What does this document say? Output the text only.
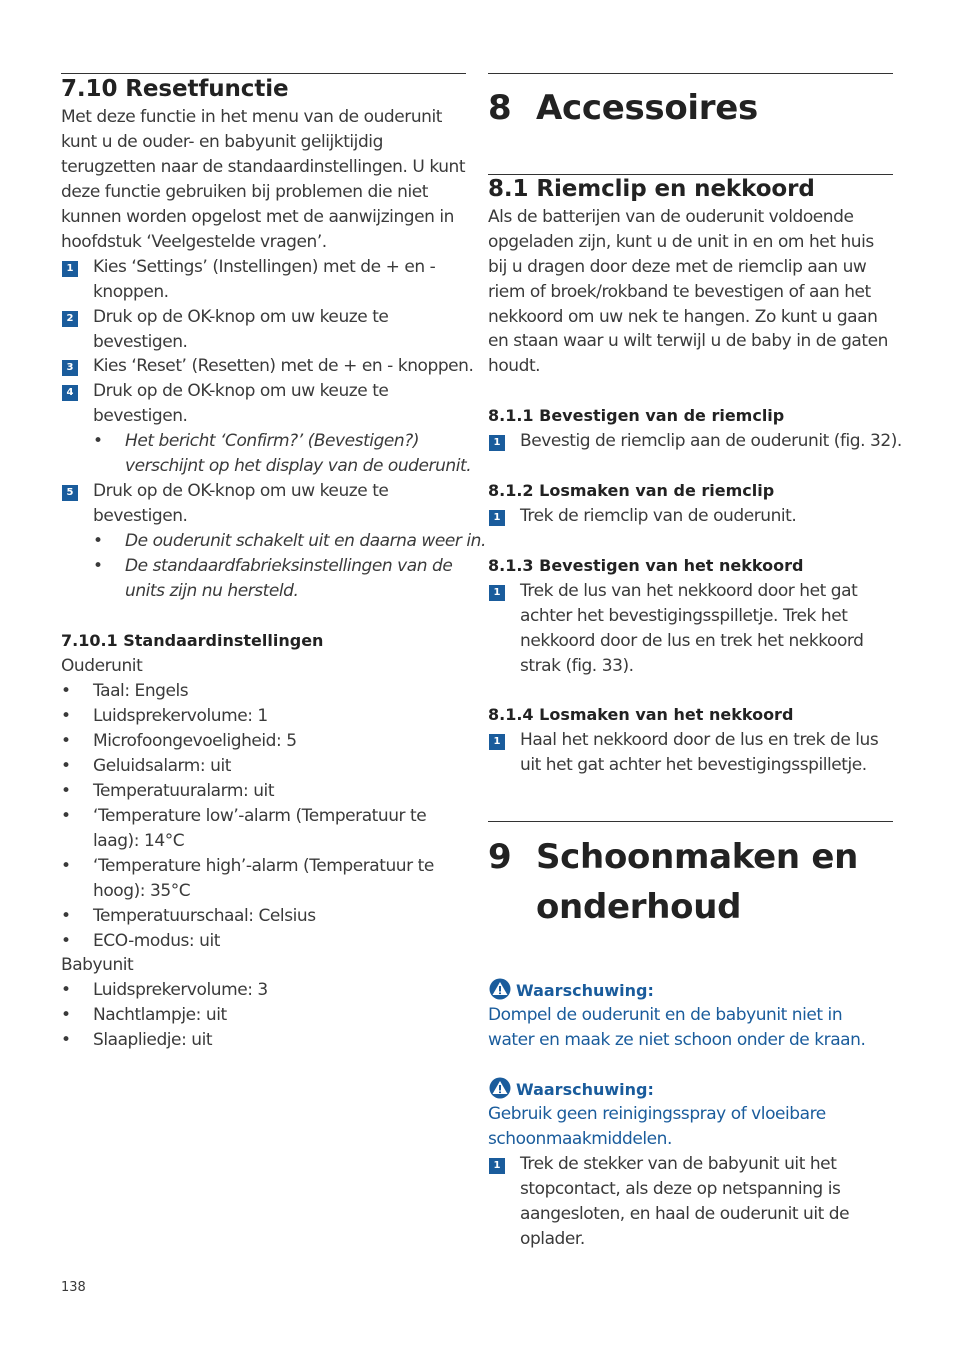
7.10 Resetfunctie
Met deze functie in het menu van de ouderunit
kunt u de ouder- en babyunit gelijktijdig
terugzetten naar de standaardinstellingen. U kunt
deze functie gebruiken bij problemen die niet
kunnen worden opgelost met de aanwijzingen in
hoofdstuk ‘Veelgestelde vragen’.
1 Kies ‘Settings’ (Instellingen) met de + en -
knoppen.
2 Druk op de OK-knop om uw keuze te
bevestigen.
3 Kies ‘Reset’ (Resetten) met de + en - knoppen.
4 Druk op de OK-knop om uw keuze te
bevestigen.
• Het bericht ‘Confirm?’ (Bevestigen?)
verschijnt op het display van de ouderunit.
5 Druk op de OK-knop om uw keuze te
bevestigen.
• De ouderunit schakelt uit en daarna weer in.
• De standaardfabrieksinstellingen van de
units zijn nu hersteld.
7.10.1 Standaardinstellingen
Ouderunit
• Taal: Engels
• Luidsprekervolume: 1
• Microfoongevoeligheid: 5
• Geluidsalarm: uit
• Temperatuuralarm: uit
• ‘Temperature low’-alarm (Temperatuur te
laag): 14°C
• ‘Temperature high’-alarm (Temperatuur te
hoog): 35°C
• Temperatuurschaal: Celsius
• ECO-modus: uit
Babyunit
• Luidsprekervolume: 3
• Nachtlampje: uit
• Slaapliedje: uit
8 Accessoires
8.1 Riemclip en nekkoord
Als de batterijen van de ouderunit voldoende
opgeladen zijn, kunt u de unit in en om het huis
bij u dragen door deze met de riemclip aan uw
riem of broek/rokband te bevestigen of aan het
nekkoord om uw nek te hangen. Zo kunt u gaan
en staan waar u wilt terwijl u de baby in de gaten
houdt.
8.1.1 Bevestigen van de riemclip
1 Bevestig de riemclip aan de ouderunit (fig. 32).
8.1.2 Losmaken van de riemclip
1 Trek de riemclip van de ouderunit.
8.1.3 Bevestigen van het nekkoord
1 Trek de lus van het nekkoord door het gat
achter het bevestigingsspilletje. Trek het
nekkoord door de lus en trek het nekkoord
strak (fig. 33).
8.1.4 Losmaken van het nekkoord
1 Haal het nekkoord door de lus en trek de lus
uit het gat achter het bevestigingsspilletje.
9 Schoonmaken en
onderhoud
Waarschuwing:
Dompel de ouderunit en de babyunit niet in
water en maak ze niet schoon onder de kraan.
Waarschuwing:
Gebruik geen reinigingsspray of vloeibare
schoonmaakmiddelen.
1 Trek de stekker van de babyunit uit het
stopcontact, als deze op netspanning is
aangesloten, en haal de ouderunit uit de
oplader.
138
